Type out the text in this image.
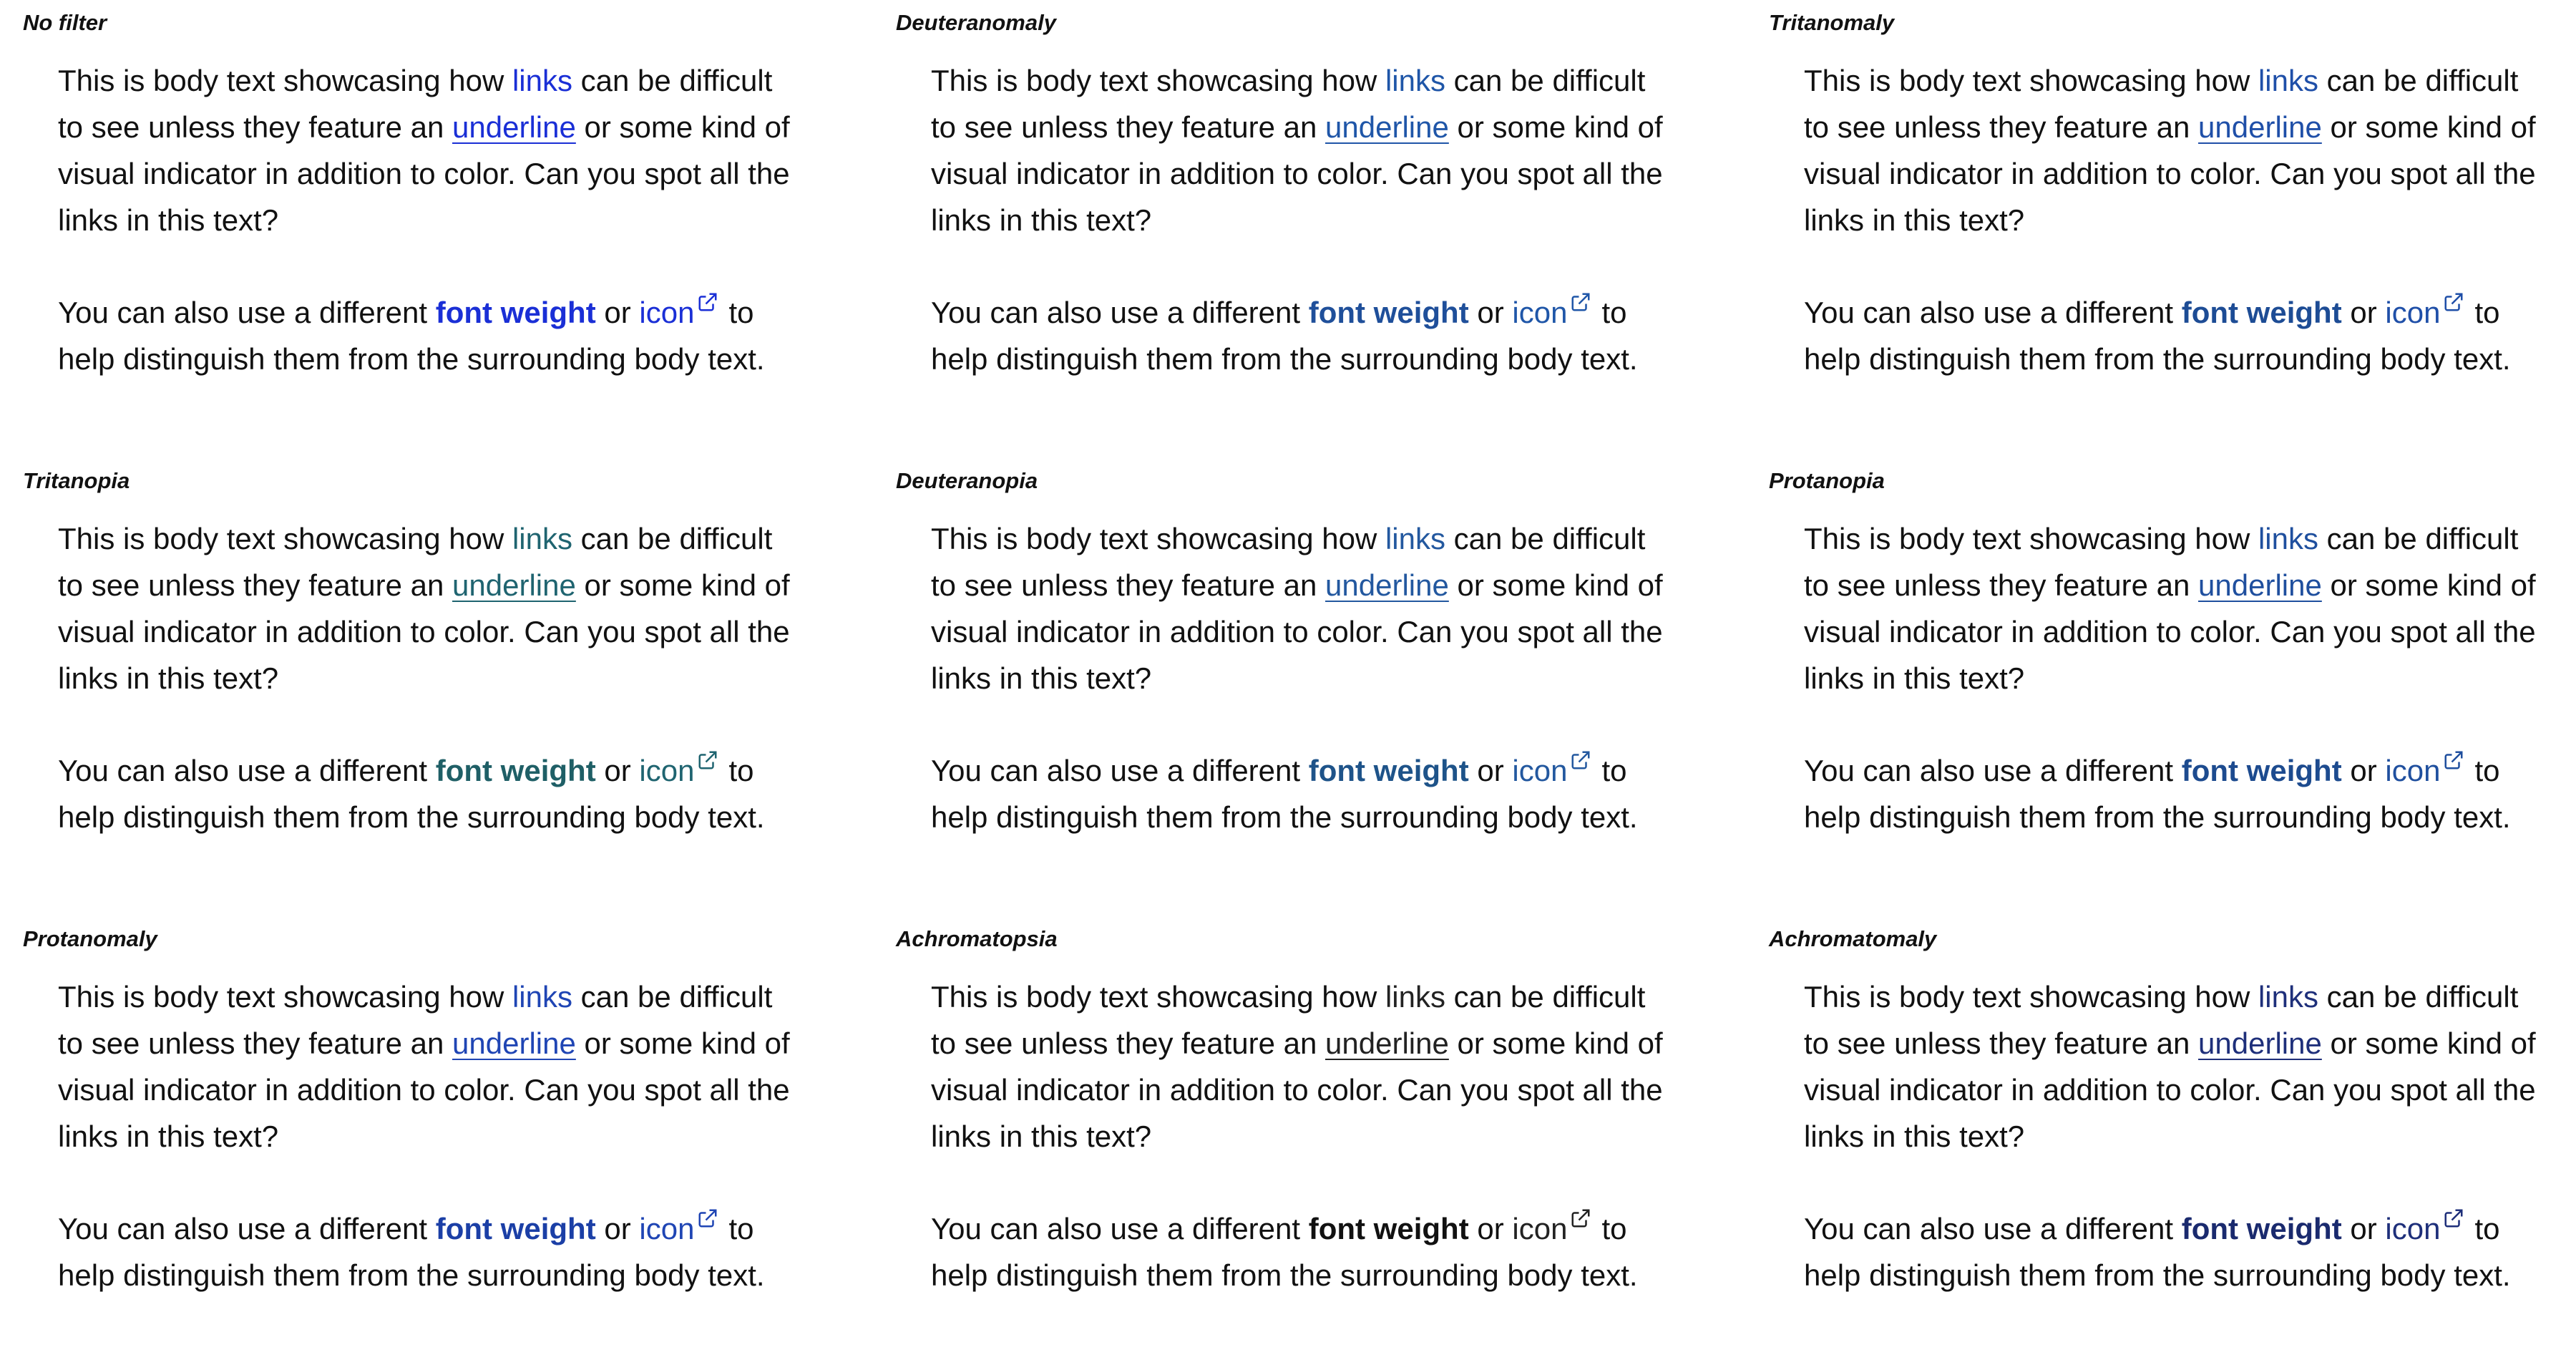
No filter

This is body text showcasing how links can be difficult
to see unless they feature an underline or some kind of
visual indicator in addition to color. Can you spot all the
links in this text?

You can also use a different font weight or icon to
help distinguish them from the surrounding body text.

Deuteranomaly

This is body text showcasing how links can be difficult
to see unless they feature an underline or some kind of
visual indicator in addition to color. Can you spot all the
links in this text?

You can also use a different font weight or icon to
help distinguish them from the surrounding body text.

Tritanomaly

This is body text showcasing how links can be difficult
to see unless they feature an underline or some kind of
visual indicator in addition to color. Can you spot all the
links in this text?

You can also use a different font weight or icon to
help distinguish them from the surrounding body text.

Tritanopia

This is body text showcasing how links can be difficult
to see unless they feature an underline or some kind of
visual indicator in addition to color. Can you spot all the
links in this text?

You can also use a different font weight or icon to
help distinguish them from the surrounding body text.

Deuteranopia

This is body text showcasing how links can be difficult
to see unless they feature an underline or some kind of
visual indicator in addition to color. Can you spot all the
links in this text?

You can also use a different font weight or icon to
help distinguish them from the surrounding body text.

Protanopia

This is body text showcasing how links can be difficult
to see unless they feature an underline or some kind of
visual indicator in addition to color. Can you spot all the
links in this text?

You can also use a different font weight or icon to
help distinguish them from the surrounding body text.

Protanomaly

This is body text showcasing how links can be difficult
to see unless they feature an underline or some kind of
visual indicator in addition to color. Can you spot all the
links in this text?

You can also use a different font weight or icon to
help distinguish them from the surrounding body text.

Achromatopsia

This is body text showcasing how links can be difficult
to see unless they feature an underline or some kind of
visual indicator in addition to color. Can you spot all the
links in this text?

You can also use a different font weight or icon to
help distinguish them from the surrounding body text.

Achromatomaly

This is body text showcasing how links can be difficult
to see unless they feature an underline or some kind of
visual indicator in addition to color. Can you spot all the
links in this text?

You can also use a different font weight or icon to
help distinguish them from the surrounding body text.
